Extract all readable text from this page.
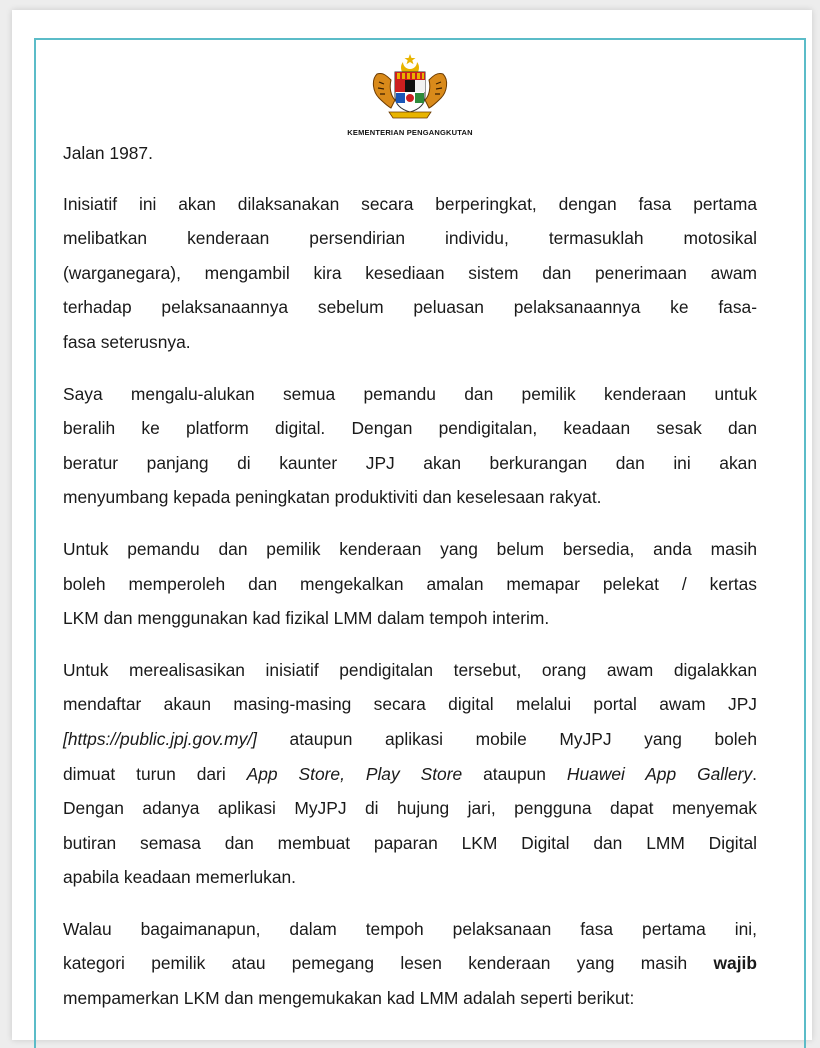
KEMENTERIAN PENGANGKUTAN

Jalan 1987.

Inisiatif ini akan dilaksanakan secara berperingkat, dengan fasa pertama
melibatkan kenderaan persendirian individu, termasuklah motosikal
(warganegara), mengambil kira kesediaan sistem dan penerimaan awam
terhadap pelaksanaannya sebelum peluasan pelaksanaannya ke fasa-
fasa seterusnya.

Saya mengalu-alukan semua pemandu dan pemilik kenderaan untuk
beralih ke platform digital. Dengan pendigitalan, keadaan sesak dan
beratur panjang di kaunter JPJ akan berkurangan dan ini akan
menyumbang kepada peningkatan produktiviti dan keselesaan rakyat.

Untuk pemandu dan pemilik kenderaan yang belum bersedia, anda masih
boleh memperoleh dan mengekalkan amalan memapar pelekat / kertas
LKM dan menggunakan kad fizikal LMM dalam tempoh interim.

Untuk merealisasikan inisiatif pendigitalan tersebut, orang awam digalakkan
mendaftar akaun masing-masing secara digital melalui portal awam JPJ
[https://public.jpj.gov.my/] ataupun aplikasi mobile MyJPJ yang boleh
dimuat turun dari App Store, Play Store ataupun Huawei App Gallery.
Dengan adanya aplikasi MyJPJ di hujung jari, pengguna dapat menyemak
butiran semasa dan membuat paparan LKM Digital dan LMM Digital
apabila keadaan memerlukan.

Walau bagaimanapun, dalam tempoh pelaksanaan fasa pertama ini,
kategori pemilik atau pemegang lesen kenderaan yang masih wajib
mempamerkan LKM dan mengemukakan kad LMM adalah seperti berikut:
